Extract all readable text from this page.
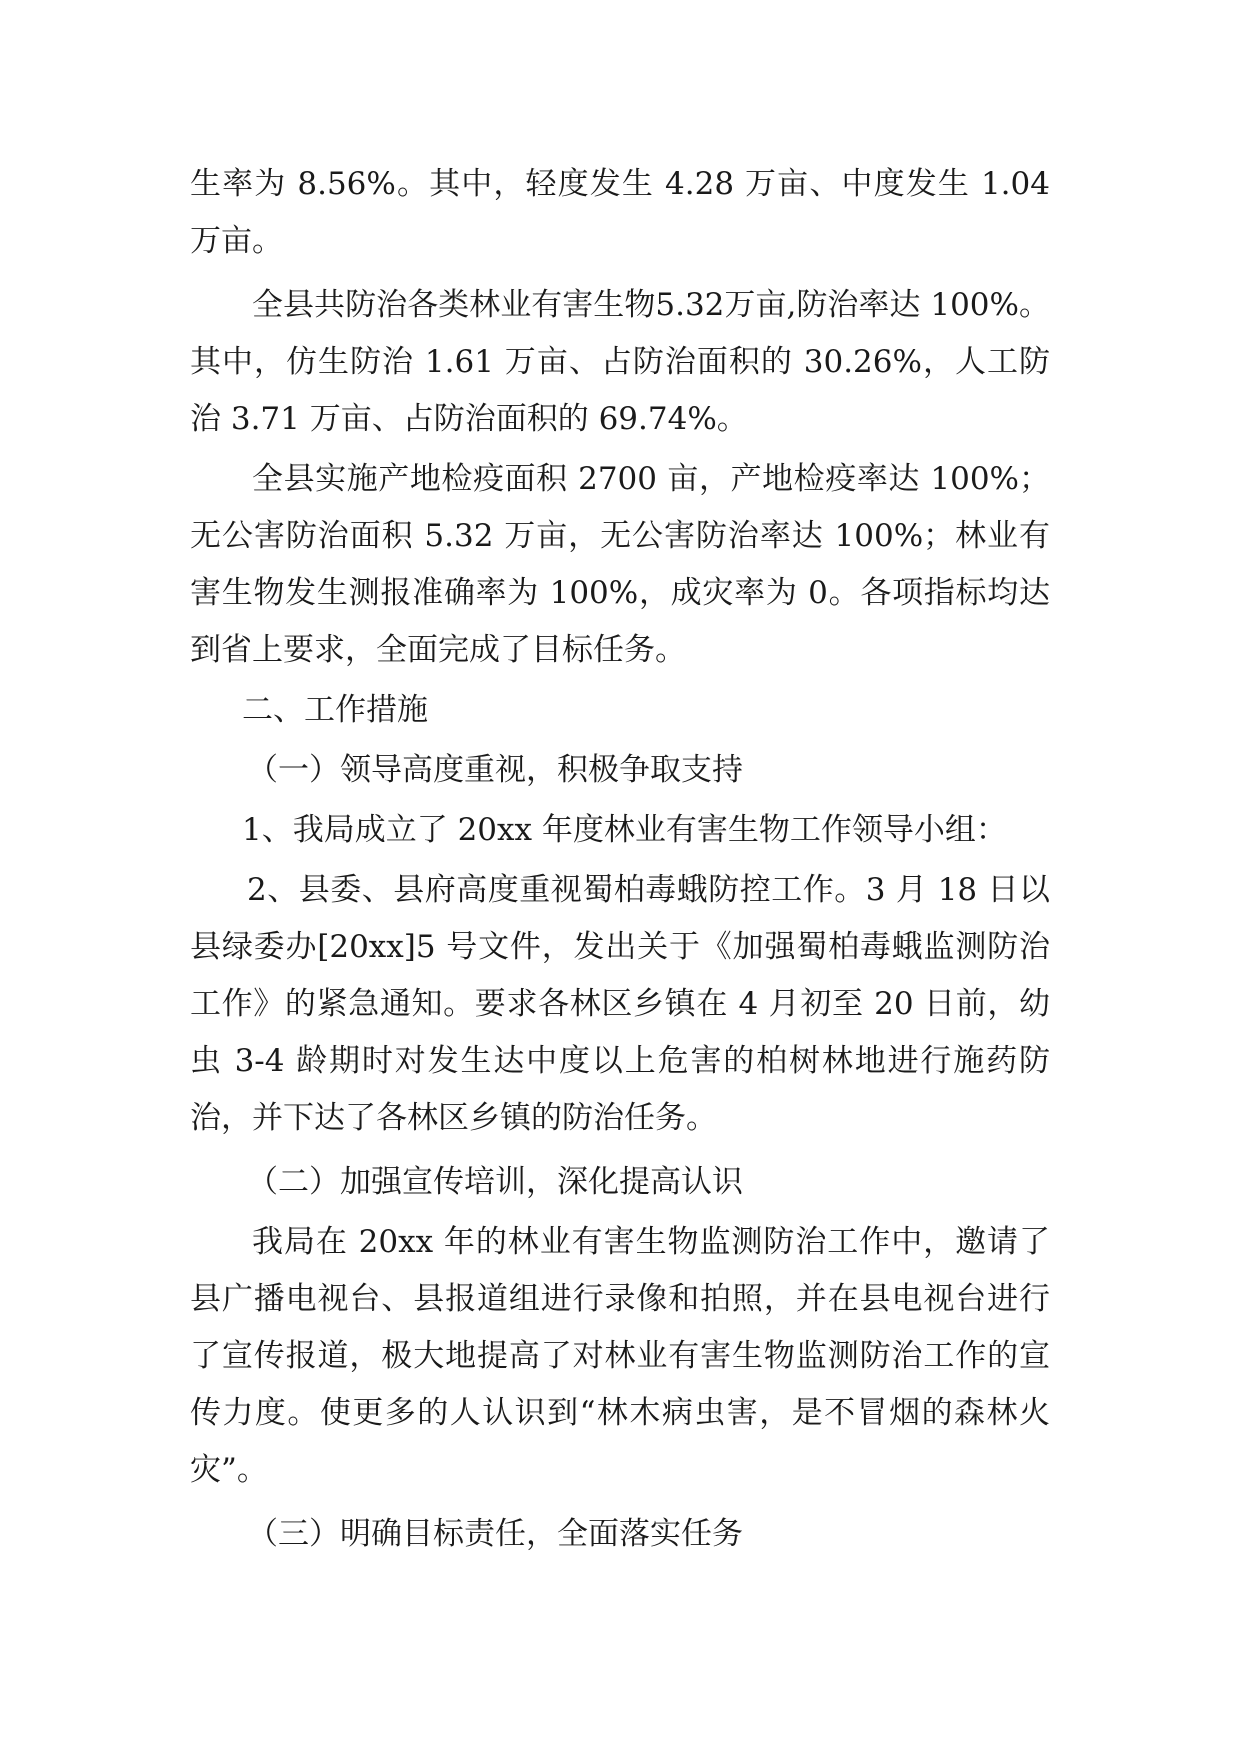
生率为 8.56%。其中，轻度发生 4.28 万亩、中度发生 1.04 万亩。

全县共防治各类林业有害生物5.32万亩,防治率达 100%。其中，仿生防治 1.61 万亩、占防治面积的 30.26%，人工防治 3.71 万亩、占防治面积的 69.74%。

全县实施产地检疫面积 2700 亩，产地检疫率达 100%；无公害防治面积 5.32 万亩，无公害防治率达 100%；林业有害生物发生测报准确率为 100%，成灾率为 0。各项指标均达到省上要求，全面完成了目标任务。

二、工作措施

（一）领导高度重视，积极争取支持

1、我局成立了 20xx 年度林业有害生物工作领导小组：

2、县委、县府高度重视蜀柏毒蛾防控工作。3 月 18 日以县绿委办[20xx]5 号文件，发出关于《加强蜀柏毒蛾监测防治工作》的紧急通知。要求各林区乡镇在 4 月初至 20 日前，幼虫 3-4 龄期时对发生达中度以上危害的柏树林地进行施药防治，并下达了各林区乡镇的防治任务。

（二）加强宣传培训，深化提高认识

我局在 20xx 年的林业有害生物监测防治工作中，邀请了县广播电视台、县报道组进行录像和拍照，并在县电视台进行了宣传报道，极大地提高了对林业有害生物监测防治工作的宣传力度。使更多的人认识到“林木病虫害，是不冒烟的森林火灾”。

（三）明确目标责任，全面落实任务
